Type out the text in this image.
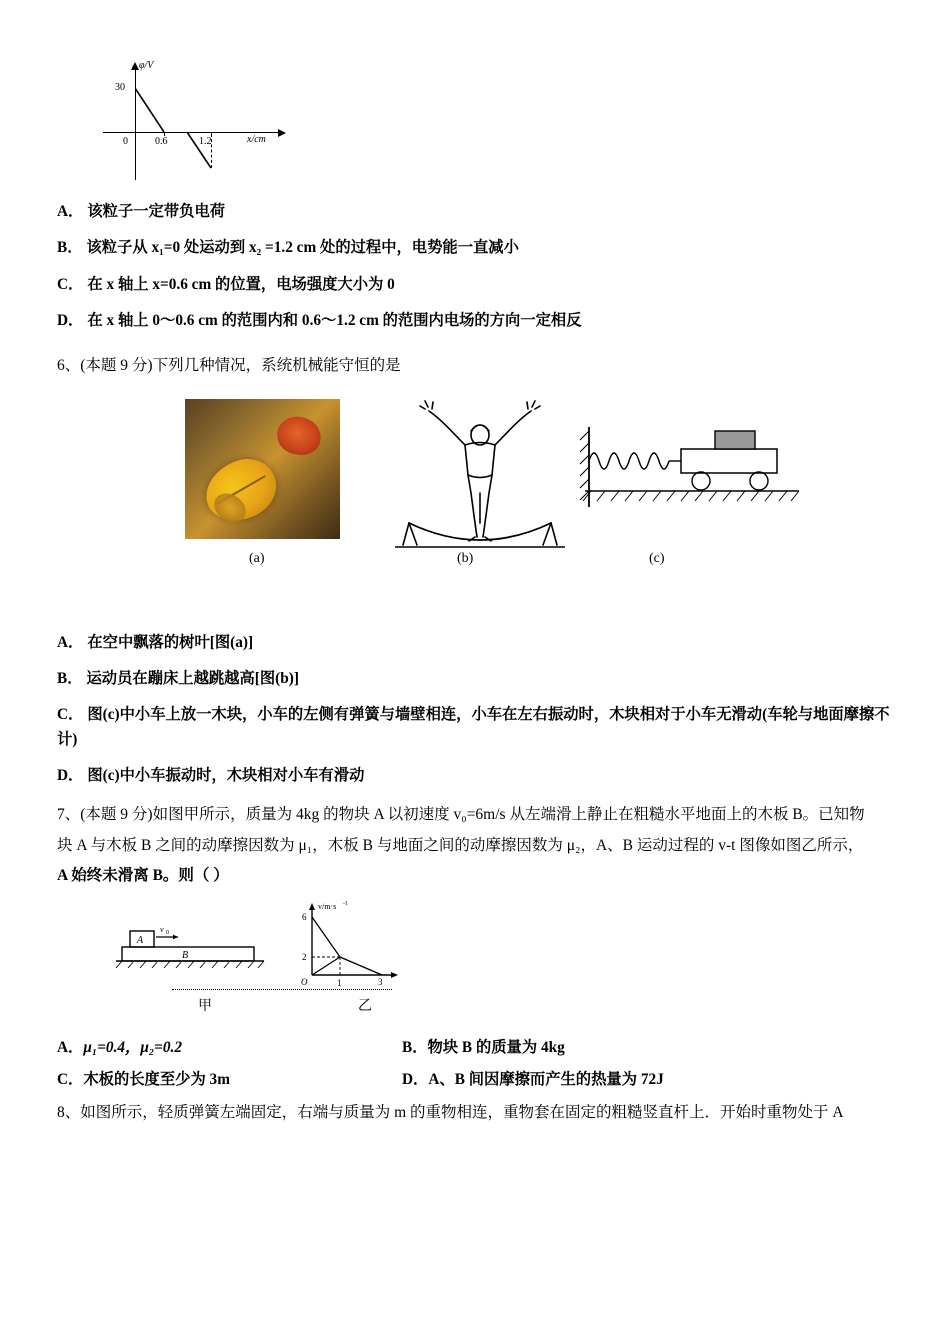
φ/V
x/cm
30
0	0.6	1.2

A． 该粒子一定带负电荷

B． 该粒子从 x₁=0 处运动到 x₂ =1.2 cm 处的过程中，电势能一直减小

C． 在 x 轴上 x=0.6 cm 的位置，电场强度大小为 0

D． 在 x 轴上 0～0.6 cm 的范围内和 0.6～1.2 cm 的范围内电场的方向一定相反

6、(本题 9 分)下列几种情况，系统机械能守恒的是

(a)	(b)	(c)

A． 在空中飘落的树叶[图(a)]

B． 运动员在蹦床上越跳越高[图(b)]

C． 图(c)中小车上放一木块，小车的左侧有弹簧与墙壁相连，小车在左右振动时，木块相对于小车无滑动(车轮与地面摩擦不计)

D． 图(c)中小车振动时，木块相对小车有滑动

7、(本题 9 分)如图甲所示，质量为 4kg 的物块 A 以初速度 v₀=6m/s 从左端滑上静止在粗糙水平地面上的木板 B。已知物

块 A 与木板 B 之间的动摩擦因数为 μ₁，木板 B 与地面之间的动摩擦因数为 μ₂，A、B 运动过程的 v-t 图像如图乙所示，

A 始终未滑离 B。则（ ）

A
v 0
B
v/m·s -1
6
2
O	1	3
甲	乙
A．μ₁=0.4，μ₂=0.2	B．物块 B 的质量为 4kg
C．木板的长度至少为 3m	D．A、B 间因摩擦而产生的热量为 72J

8、如图所示，轻质弹簧左端固定，右端与质量为 m 的重物相连，重物套在固定的粗糙竖直杆上．开始时重物处于 A
